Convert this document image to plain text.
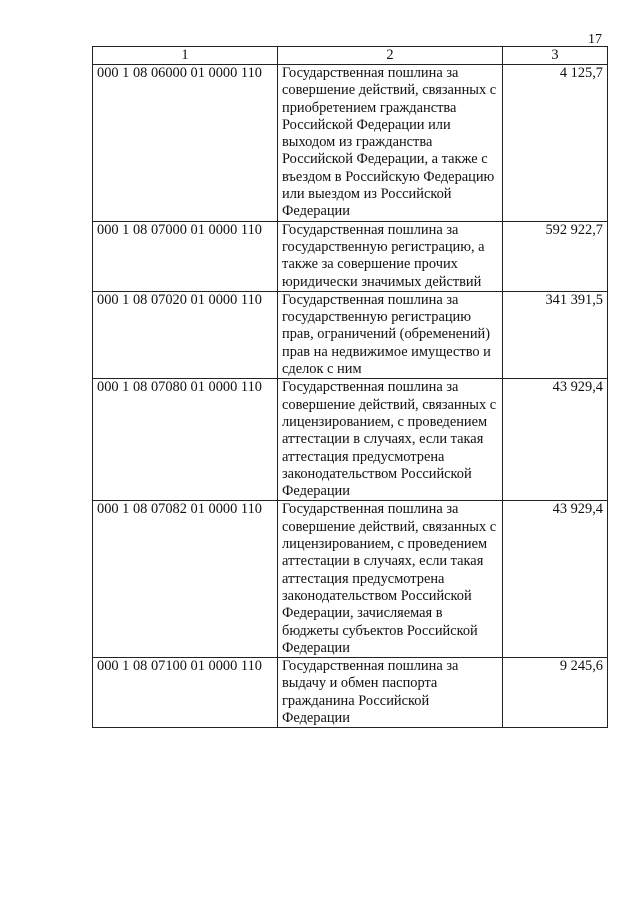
17
1	2	3
000 1 08 06000 01 0000 110	Государственная пошлина за совершение действий, связанных с приобретением гражданства Российской Федерации или выходом из гражданства Российской Федерации, а также с въездом в Российскую Федерацию или выездом из Российской Федерации	4 125,7
000 1 08 07000 01 0000 110	Государственная пошлина за государственную регистрацию, а также за совершение прочих юридически значимых действий	592 922,7
000 1 08 07020 01 0000 110	Государственная пошлина за государственную регистрацию прав, ограничений (обременений) прав на недвижимое имущество и сделок с ним	341 391,5
000 1 08 07080 01 0000 110	Государственная пошлина за совершение действий, связанных с лицензированием, с проведением аттестации в случаях, если такая аттестация предусмотрена законодательством Российской Федерации	43 929,4
000 1 08 07082 01 0000 110	Государственная пошлина за совершение действий, связанных с лицензированием, с проведением аттестации в случаях, если такая аттестация предусмотрена законодательством Российской Федерации, зачисляемая в бюджеты субъектов Российской Федерации	43 929,4
000 1 08 07100 01 0000 110	Государственная пошлина за выдачу и обмен паспорта гражданина Российской Федерации	9 245,6
